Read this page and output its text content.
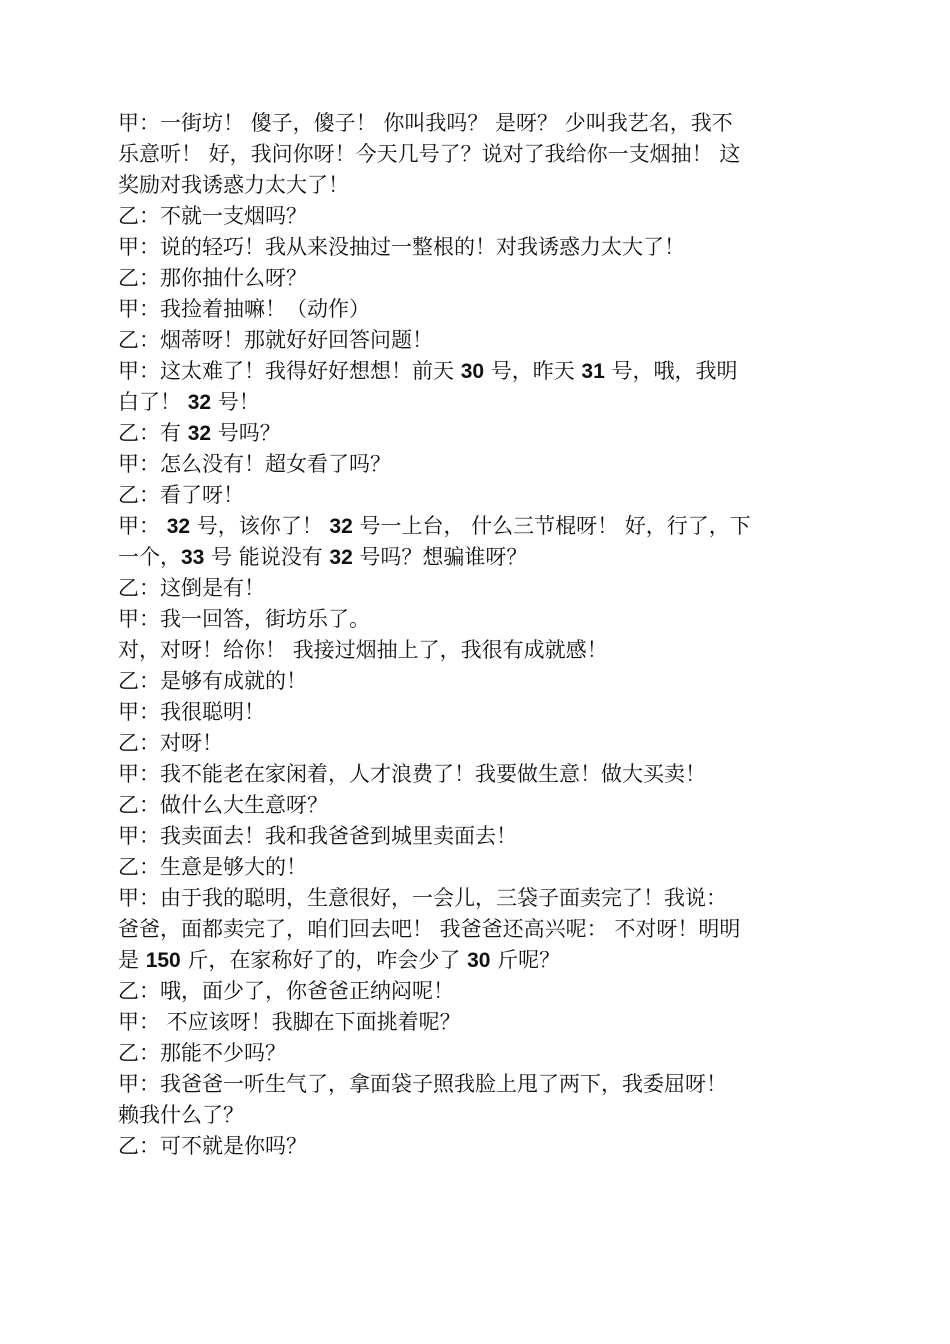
甲：一街坊！ 傻子，傻子！ 你叫我吗？ 是呀？ 少叫我艺名，我不
乐意听！ 好，我问你呀！今天几号了？说对了我给你一支烟抽！ 这
奖励对我诱惑力太大了！
乙：不就一支烟吗？
甲：说的轻巧！我从来没抽过一整根的！对我诱惑力太大了！
乙：那你抽什么呀？
甲：我捡着抽嘛！（动作）
乙：烟蒂呀！那就好好回答问题！
甲：这太难了！我得好好想想！前天 30 号，昨天 31 号，哦，我明
白了！ 32 号！
乙：有 32 号吗？
甲：怎么没有！超女看了吗？
乙：看了呀！
甲： 32 号，该你了！ 32 号一上台， 什么三节棍呀！ 好，行了，下
一个，33 号 能说没有 32 号吗？想骗谁呀？
乙：这倒是有！
甲：我一回答，街坊乐了。
对，对呀！给你！ 我接过烟抽上了，我很有成就感！
乙：是够有成就的！
甲：我很聪明！
乙：对呀！
甲：我不能老在家闲着，人才浪费了！我要做生意！做大买卖！
乙：做什么大生意呀？
甲：我卖面去！我和我爸爸到城里卖面去！
乙：生意是够大的！
甲：由于我的聪明，生意很好，一会儿，三袋子面卖完了！我说：
爸爸，面都卖完了，咱们回去吧！ 我爸爸还高兴呢： 不对呀！明明
是 150 斤，在家称好了的，咋会少了 30 斤呢？
乙：哦，面少了，你爸爸正纳闷呢！
甲： 不应该呀！我脚在下面挑着呢？
乙：那能不少吗？
甲：我爸爸一听生气了，拿面袋子照我脸上甩了两下，我委屈呀！
赖我什么了？
乙：可不就是你吗？
